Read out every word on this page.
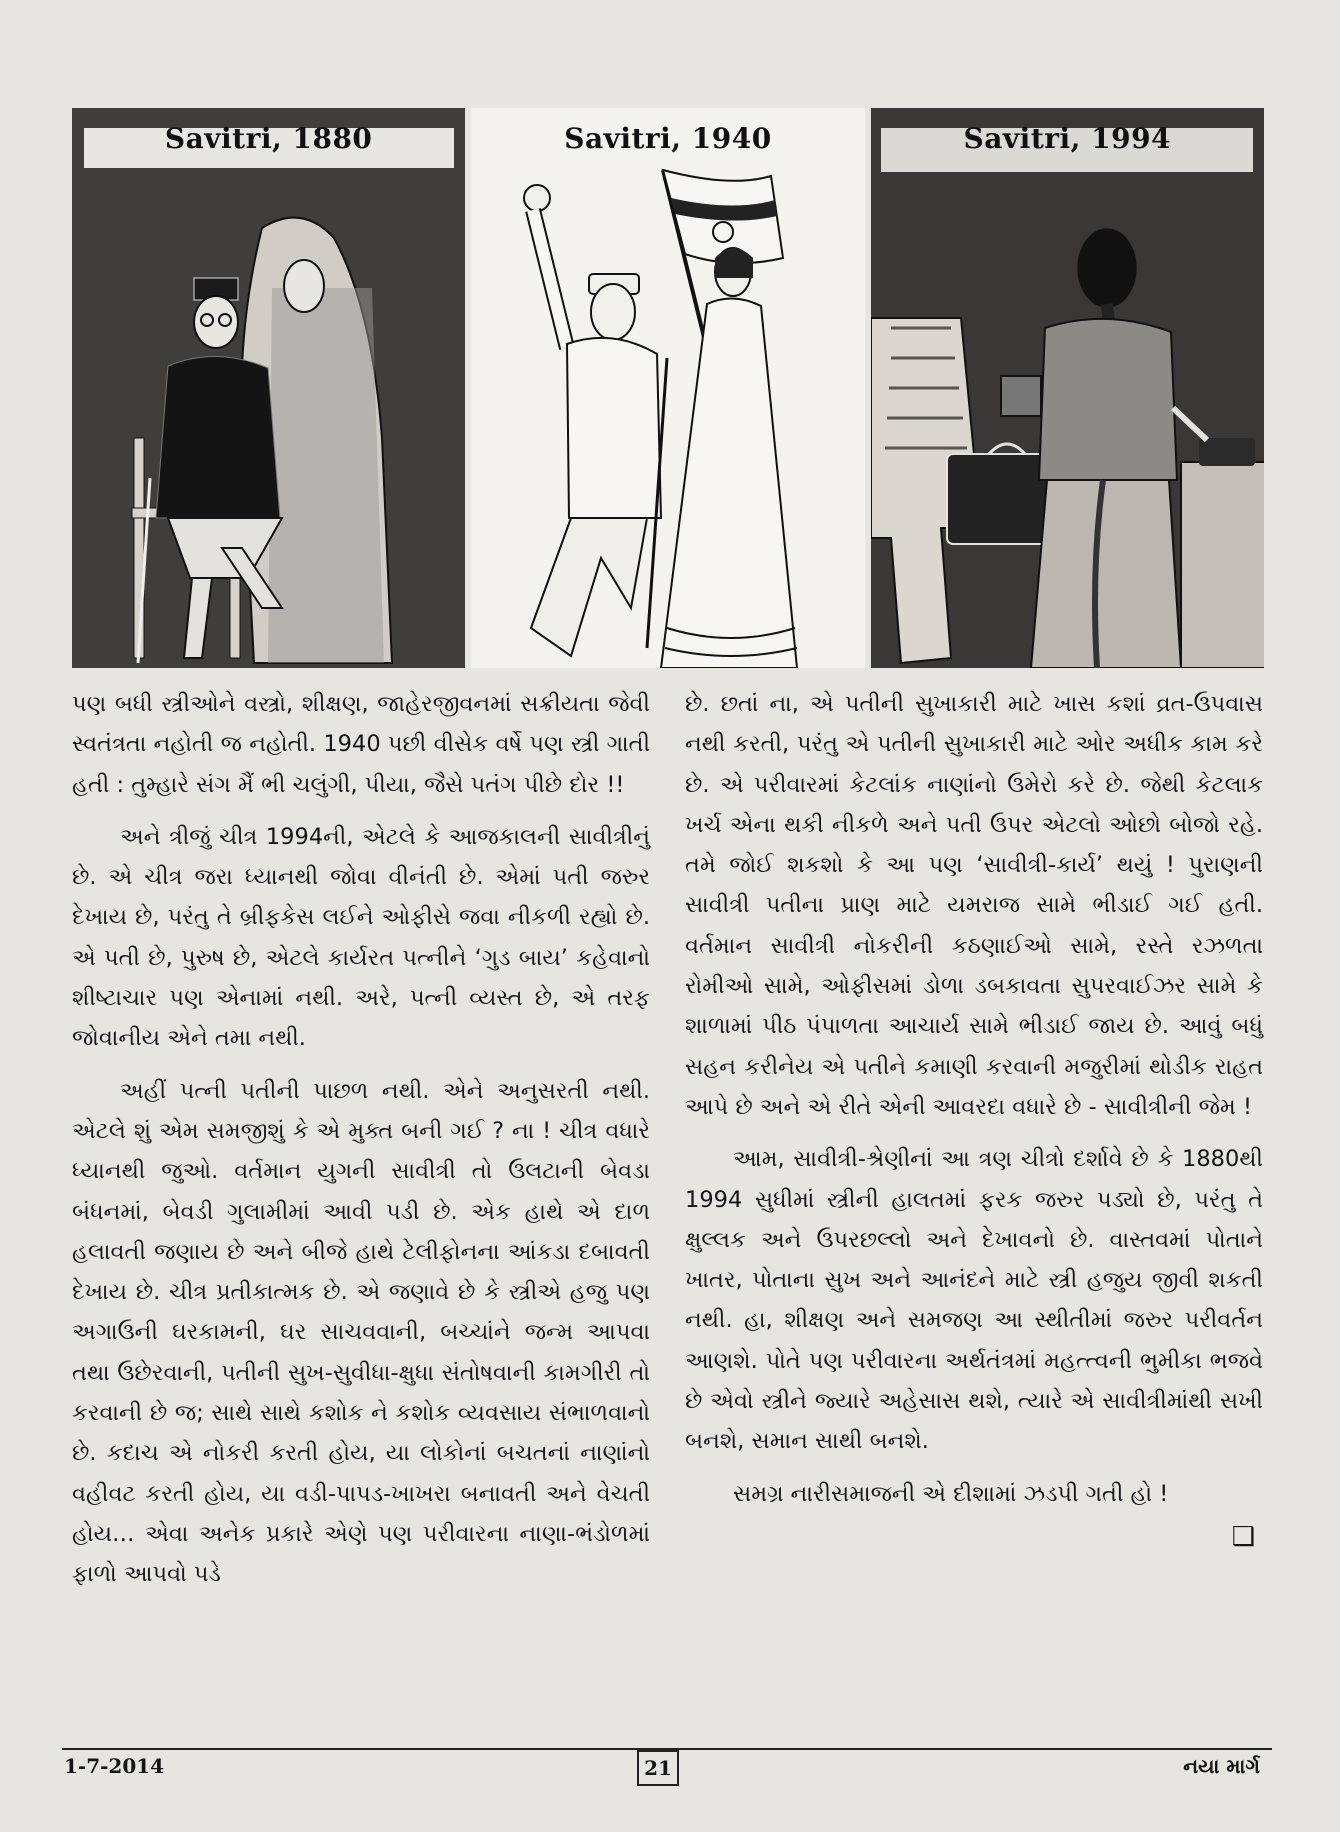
Savitri, 1880	Savitri, 1940	Savitri, 1994

પણ બધી સ્ત્રીઓને વસ્ત્રો, શીક્ષણ, જાહેરજીવનમાં સક્રીયતા જેવી સ્વતંત્રતા નહોતી જ નહોતી. 1940 પછી વીસેક વર્ષે પણ સ્ત્રી ગાતી હતી : તુમ્હારે સંગ મૈં ભી ચલુંગી, પીયા, જૈસે પતંગ પીછે દોર !!

અને ત્રીજું ચીત્ર 1994ની, એટલે કે આજકાલની સાવીત્રીનું છે. એ ચીત્ર જરા ધ્યાનથી જોવા વીનંતી છે. એમાં પતી જરુર દેખાય છે, પરંતુ તે બ્રીફકેસ લઈને ઓફીસે જવા નીકળી રહ્યો છે. એ પતી છે, પુરુષ છે, એટલે કાર્યરત પત્નીને ‘ગુડ બાય’ કહેવાનો શીષ્ટાચાર પણ એનામાં નથી. અરે, પત્ની વ્યસ્ત છે, એ તરફ જોવાનીય એને તમા નથી.

અહીં પત્ની પતીની પાછળ નથી. એને અનુસરતી નથી. એટલે શું એમ સમજીશું કે એ મુક્ત બની ગઈ ? ના ! ચીત્ર વધારે ધ્યાનથી જુઓ. વર્તમાન યુગની સાવીત્રી તો ઉલટાની બેવડા બંધનમાં, બેવડી ગુલામીમાં આવી પડી છે. એક હાથે એ દાળ હલાવતી જણાય છે અને બીજે હાથે ટેલીફોનના આંકડા દબાવતી દેખાય છે. ચીત્ર પ્રતીકાત્મક છે. એ જણાવે છે કે સ્ત્રીએ હજુ પણ અગાઉની ઘરકામની, ઘર સાચવવાની, બચ્ચાંને જન્મ આપવા તથા ઉછેરવાની, પતીની સુખ-સુવીધા-ક્ષુધા સંતોષવાની કામગીરી તો કરવાની છે જ; સાથે સાથે કશોક ને કશોક વ્યવસાય સંભાળવાનો છે. કદાચ એ નોકરી કરતી હોય, યા લોકોનાં બચતનાં નાણાંનો વહીવટ કરતી હોય, યા વડી-પાપડ-ખાખરા બનાવતી અને વેચતી હોય… એવા અનેક પ્રકારે એણે પણ પરીવારના નાણા-ભંડોળમાં ફાળો આપવો પડે

છે. છતાં ના, એ પતીની સુખાકારી માટે ખાસ કશાં વ્રત-ઉપવાસ નથી કરતી, પરંતુ એ પતીની સુખાકારી માટે ઓર અધીક કામ કરે છે. એ પરીવારમાં કેટલાંક નાણાંનો ઉમેરો કરે છે. જેથી કેટલાક ખર્ચ એના થકી નીકળે અને પતી ઉપર એટલો ઓછો બોજો રહે. તમે જોઈ શકશો કે આ પણ ‘સાવીત્રી-કાર્ય’ થયું ! પુરાણની સાવીત્રી પતીના પ્રાણ માટે યમરાજ સામે ભીડાઈ ગઈ હતી. વર્તમાન સાવીત્રી નોકરીની કઠણાઈઓ સામે, રસ્તે રઝળતા રોમીઓ સામે, ઓફીસમાં ડોળા ડબકાવતા સુપરવાઈઝર સામે કે શાળામાં પીઠ પંપાળતા આચાર્ય સામે ભીડાઈ જાય છે. આવું બધું સહન કરીનેય એ પતીને કમાણી કરવાની મજુરીમાં થોડીક રાહત આપે છે અને એ રીતે એની આવરદા વધારે છે - સાવીત્રીની જેમ !

આમ, સાવીત્રી-શ્રેણીનાં આ ત્રણ ચીત્રો દર્શાવે છે કે 1880થી 1994 સુધીમાં સ્ત્રીની હાલતમાં ફરક જરુર પડ્યો છે, પરંતુ તે ક્ષુલ્લક અને ઉપરછલ્લો અને દેખાવનો છે. વાસ્તવમાં પોતાને ખાતર, પોતાના સુખ અને આનંદને માટે સ્ત્રી હજુય જીવી શકતી નથી. હા, શીક્ષણ અને સમજણ આ સ્થીતીમાં જરુર પરીવર્તન આણશે. પોતે પણ પરીવારના અર્થતંત્રમાં મહત્ત્વની ભુમીકા ભજવે છે એવો સ્ત્રીને જ્યારે અહેસાસ થશે, ત્યારે એ સાવીત્રીમાંથી સખી બનશે, સમાન સાથી બનશે.

સમગ્ર નારીસમાજની એ દીશામાં ઝડપી ગતી હો !

❑
1-7-2014	21	નયા માર્ગ
